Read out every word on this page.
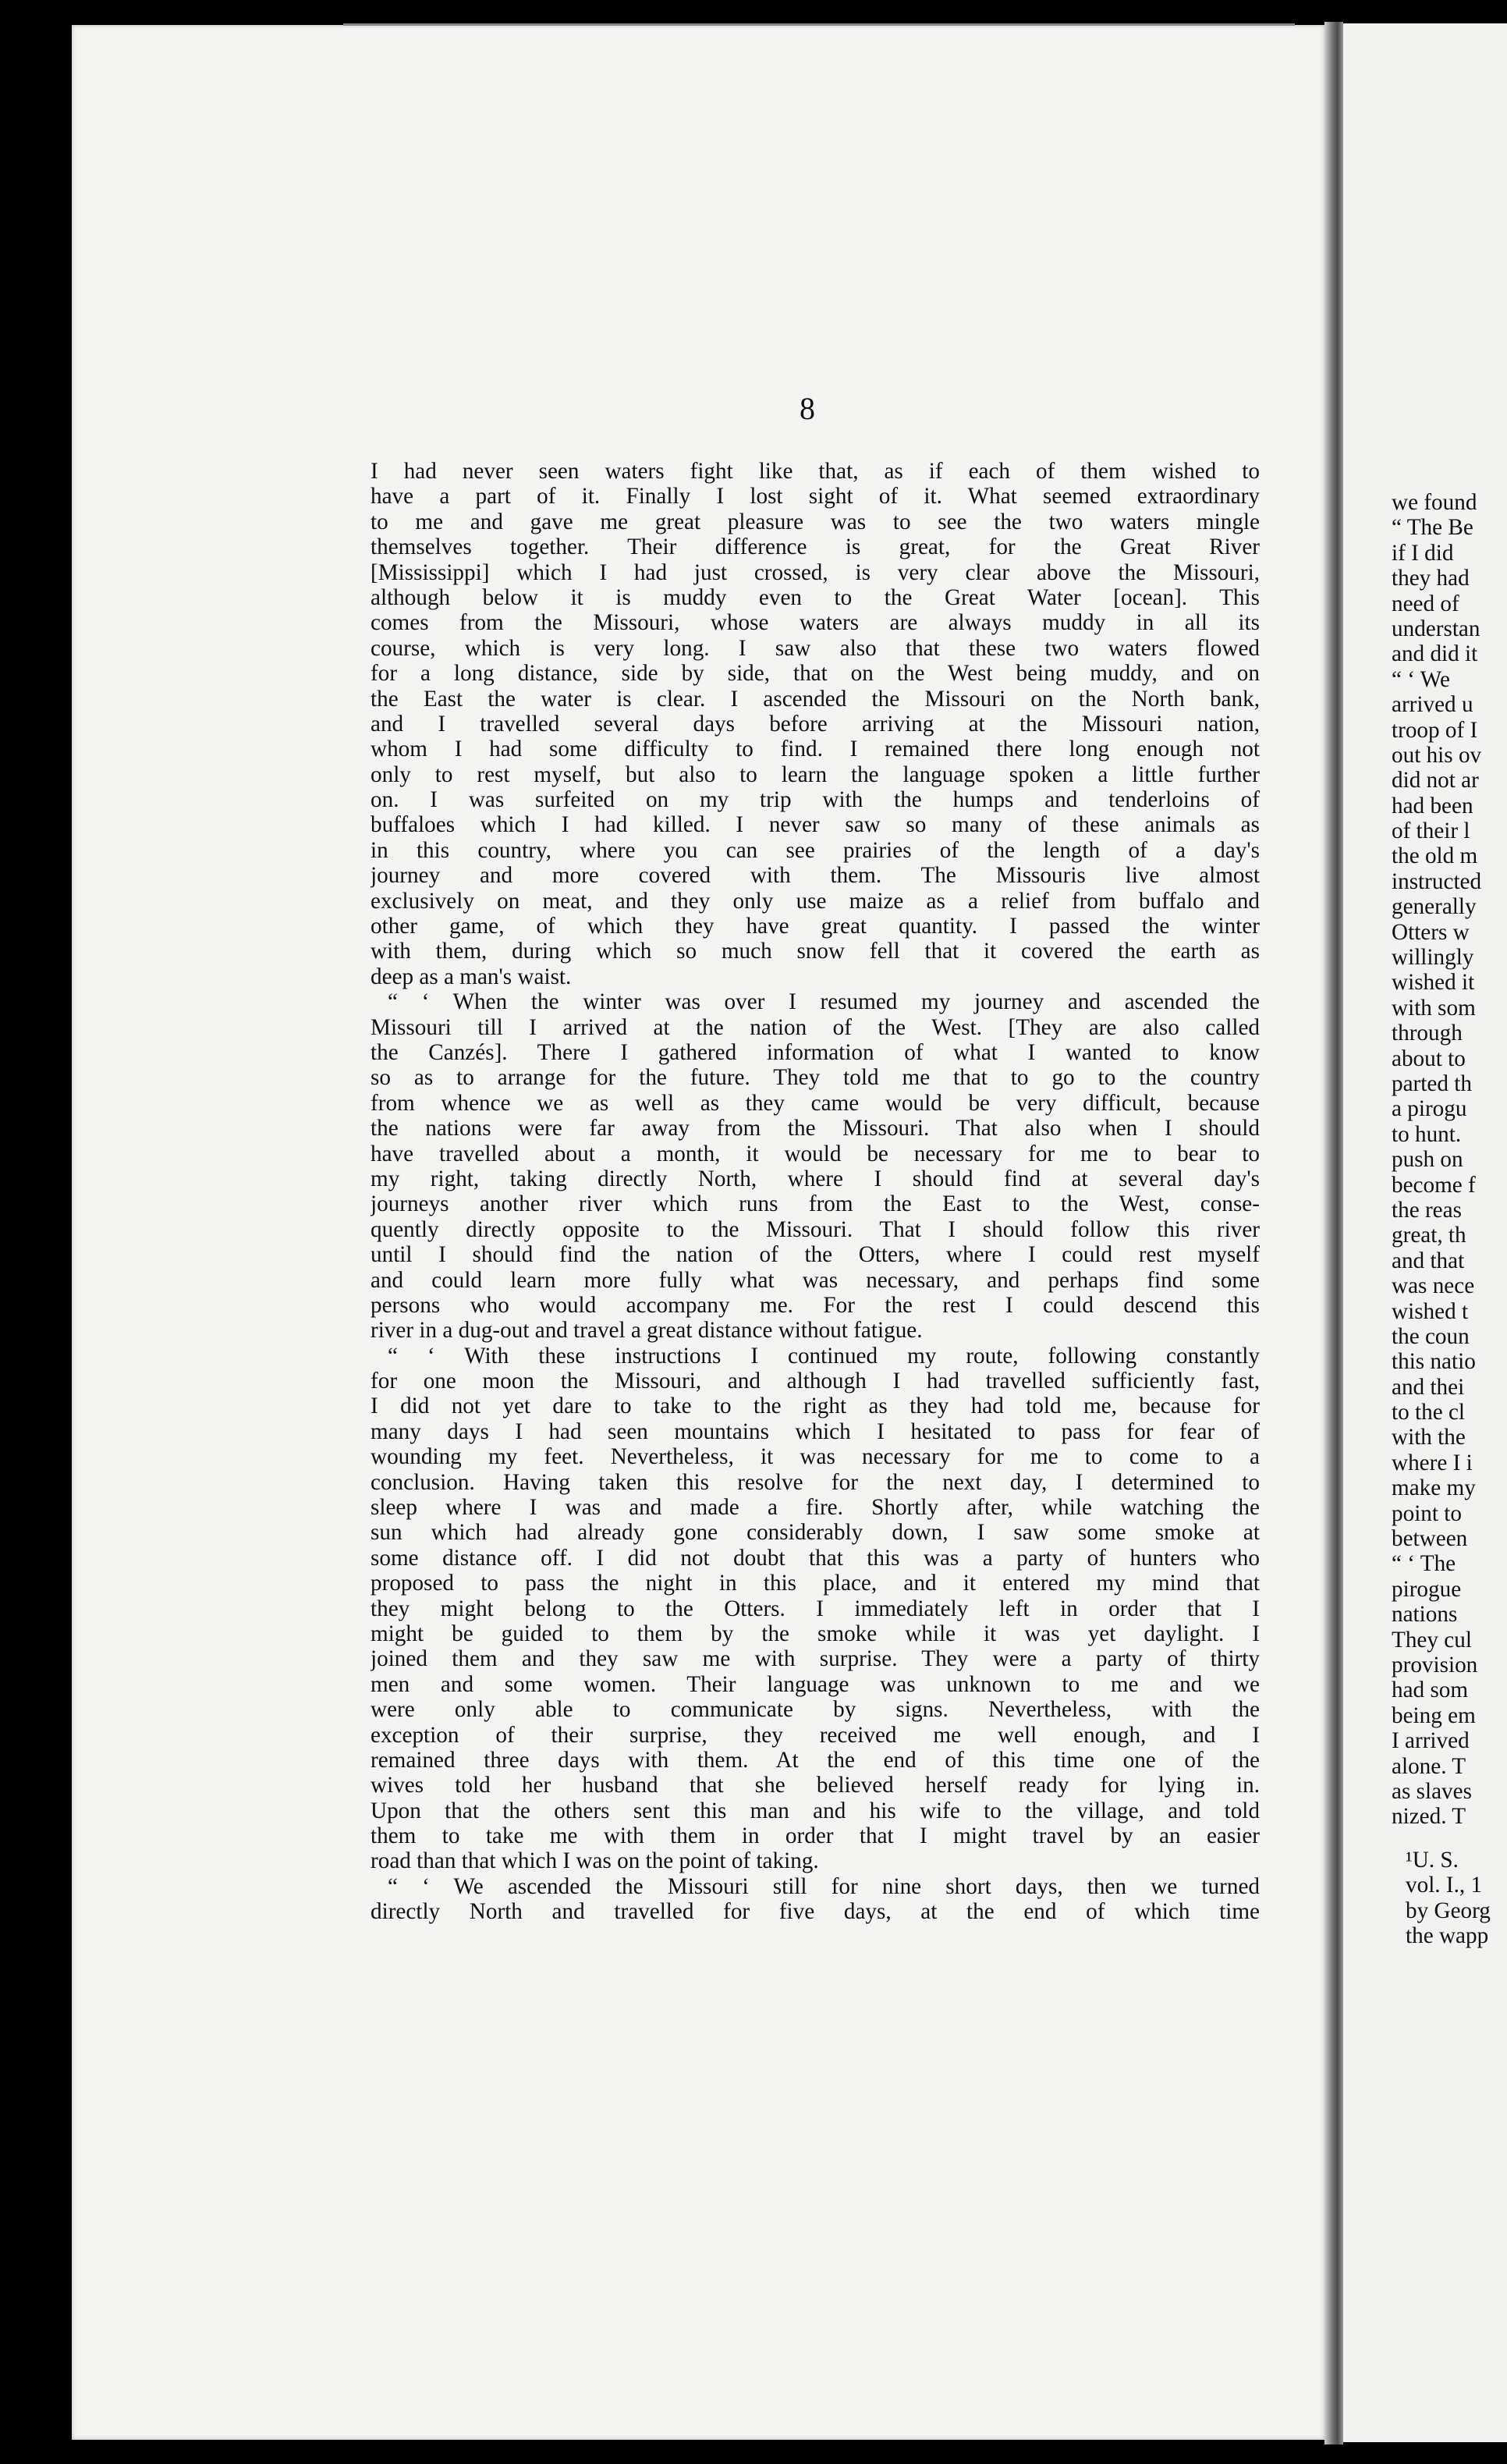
8
I had never seen waters fight like that, as if each of them wished to
have a part of it. Finally I lost sight of it. What seemed extraordinary
to me and gave me great pleasure was to see the two waters mingle
themselves together. Their difference is great, for the Great River
[Mississippi] which I had just crossed, is very clear above the Missouri,
although below it is muddy even to the Great Water [ocean]. This
comes from the Missouri, whose waters are always muddy in all its
course, which is very long. I saw also that these two waters flowed
for a long distance, side by side, that on the West being muddy, and on
the East the water is clear. I ascended the Missouri on the North bank,
and I travelled several days before arriving at the Missouri nation,
whom I had some difficulty to find. I remained there long enough not
only to rest myself, but also to learn the language spoken a little further
on. I was surfeited on my trip with the humps and tenderloins of
buffaloes which I had killed. I never saw so many of these animals as
in this country, where you can see prairies of the length of a day's
journey and more covered with them. The Missouris live almost
exclusively on meat, and they only use maize as a relief from buffalo and
other game, of which they have great quantity. I passed the winter
with them, during which so much snow fell that it covered the earth as
deep as a man's waist.
“ ‘ When the winter was over I resumed my journey and ascended the
Missouri till I arrived at the nation of the West. [They are also called
the Canzés]. There I gathered information of what I wanted to know
so as to arrange for the future. They told me that to go to the country
from whence we as well as they came would be very difficult, because
the nations were far away from the Missouri. That also when I should
have travelled about a month, it would be necessary for me to bear to
my right, taking directly North, where I should find at several day's
journeys another river which runs from the East to the West, conse-
quently directly opposite to the Missouri. That I should follow this river
until I should find the nation of the Otters, where I could rest myself
and could learn more fully what was necessary, and perhaps find some
persons who would accompany me. For the rest I could descend this
river in a dug-out and travel a great distance without fatigue.
“ ‘ With these instructions I continued my route, following constantly
for one moon the Missouri, and although I had travelled sufficiently fast,
I did not yet dare to take to the right as they had told me, because for
many days I had seen mountains which I hesitated to pass for fear of
wounding my feet. Nevertheless, it was necessary for me to come to a
conclusion. Having taken this resolve for the next day, I determined to
sleep where I was and made a fire. Shortly after, while watching the
sun which had already gone considerably down, I saw some smoke at
some distance off. I did not doubt that this was a party of hunters who
proposed to pass the night in this place, and it entered my mind that
they might belong to the Otters. I immediately left in order that I
might be guided to them by the smoke while it was yet daylight. I
joined them and they saw me with surprise. They were a party of thirty
men and some women. Their language was unknown to me and we
were only able to communicate by signs. Nevertheless, with the
exception of their surprise, they received me well enough, and I
remained three days with them. At the end of this time one of the
wives told her husband that she believed herself ready for lying in.
Upon that the others sent this man and his wife to the village, and told
them to take me with them in order that I might travel by an easier
road than that which I was on the point of taking.
“ ‘ We ascended the Missouri still for nine short days, then we turned
directly North and travelled for five days, at the end of which time
we found
“ The Be
if I did
they had
need of
understan
and did it
“ ‘ We
arrived u
troop of I
out his ov
did not ar
had been
of their l
the old m
instructed
generally
Otters w
willingly
wished it
with som
through
about to
parted th
a pirogu
to hunt.
push on
become f
the reas
great, th
and that
was nece
wished t
the coun
this natio
and thei
to the cl
with the
where I i
make my
point to
between
“ ‘ The
pirogue
nations
They cul
provision
had som
being em
I arrived
alone. T
as slaves
nized. T
¹U. S.
vol. I., 1
by Georg
the wapp
